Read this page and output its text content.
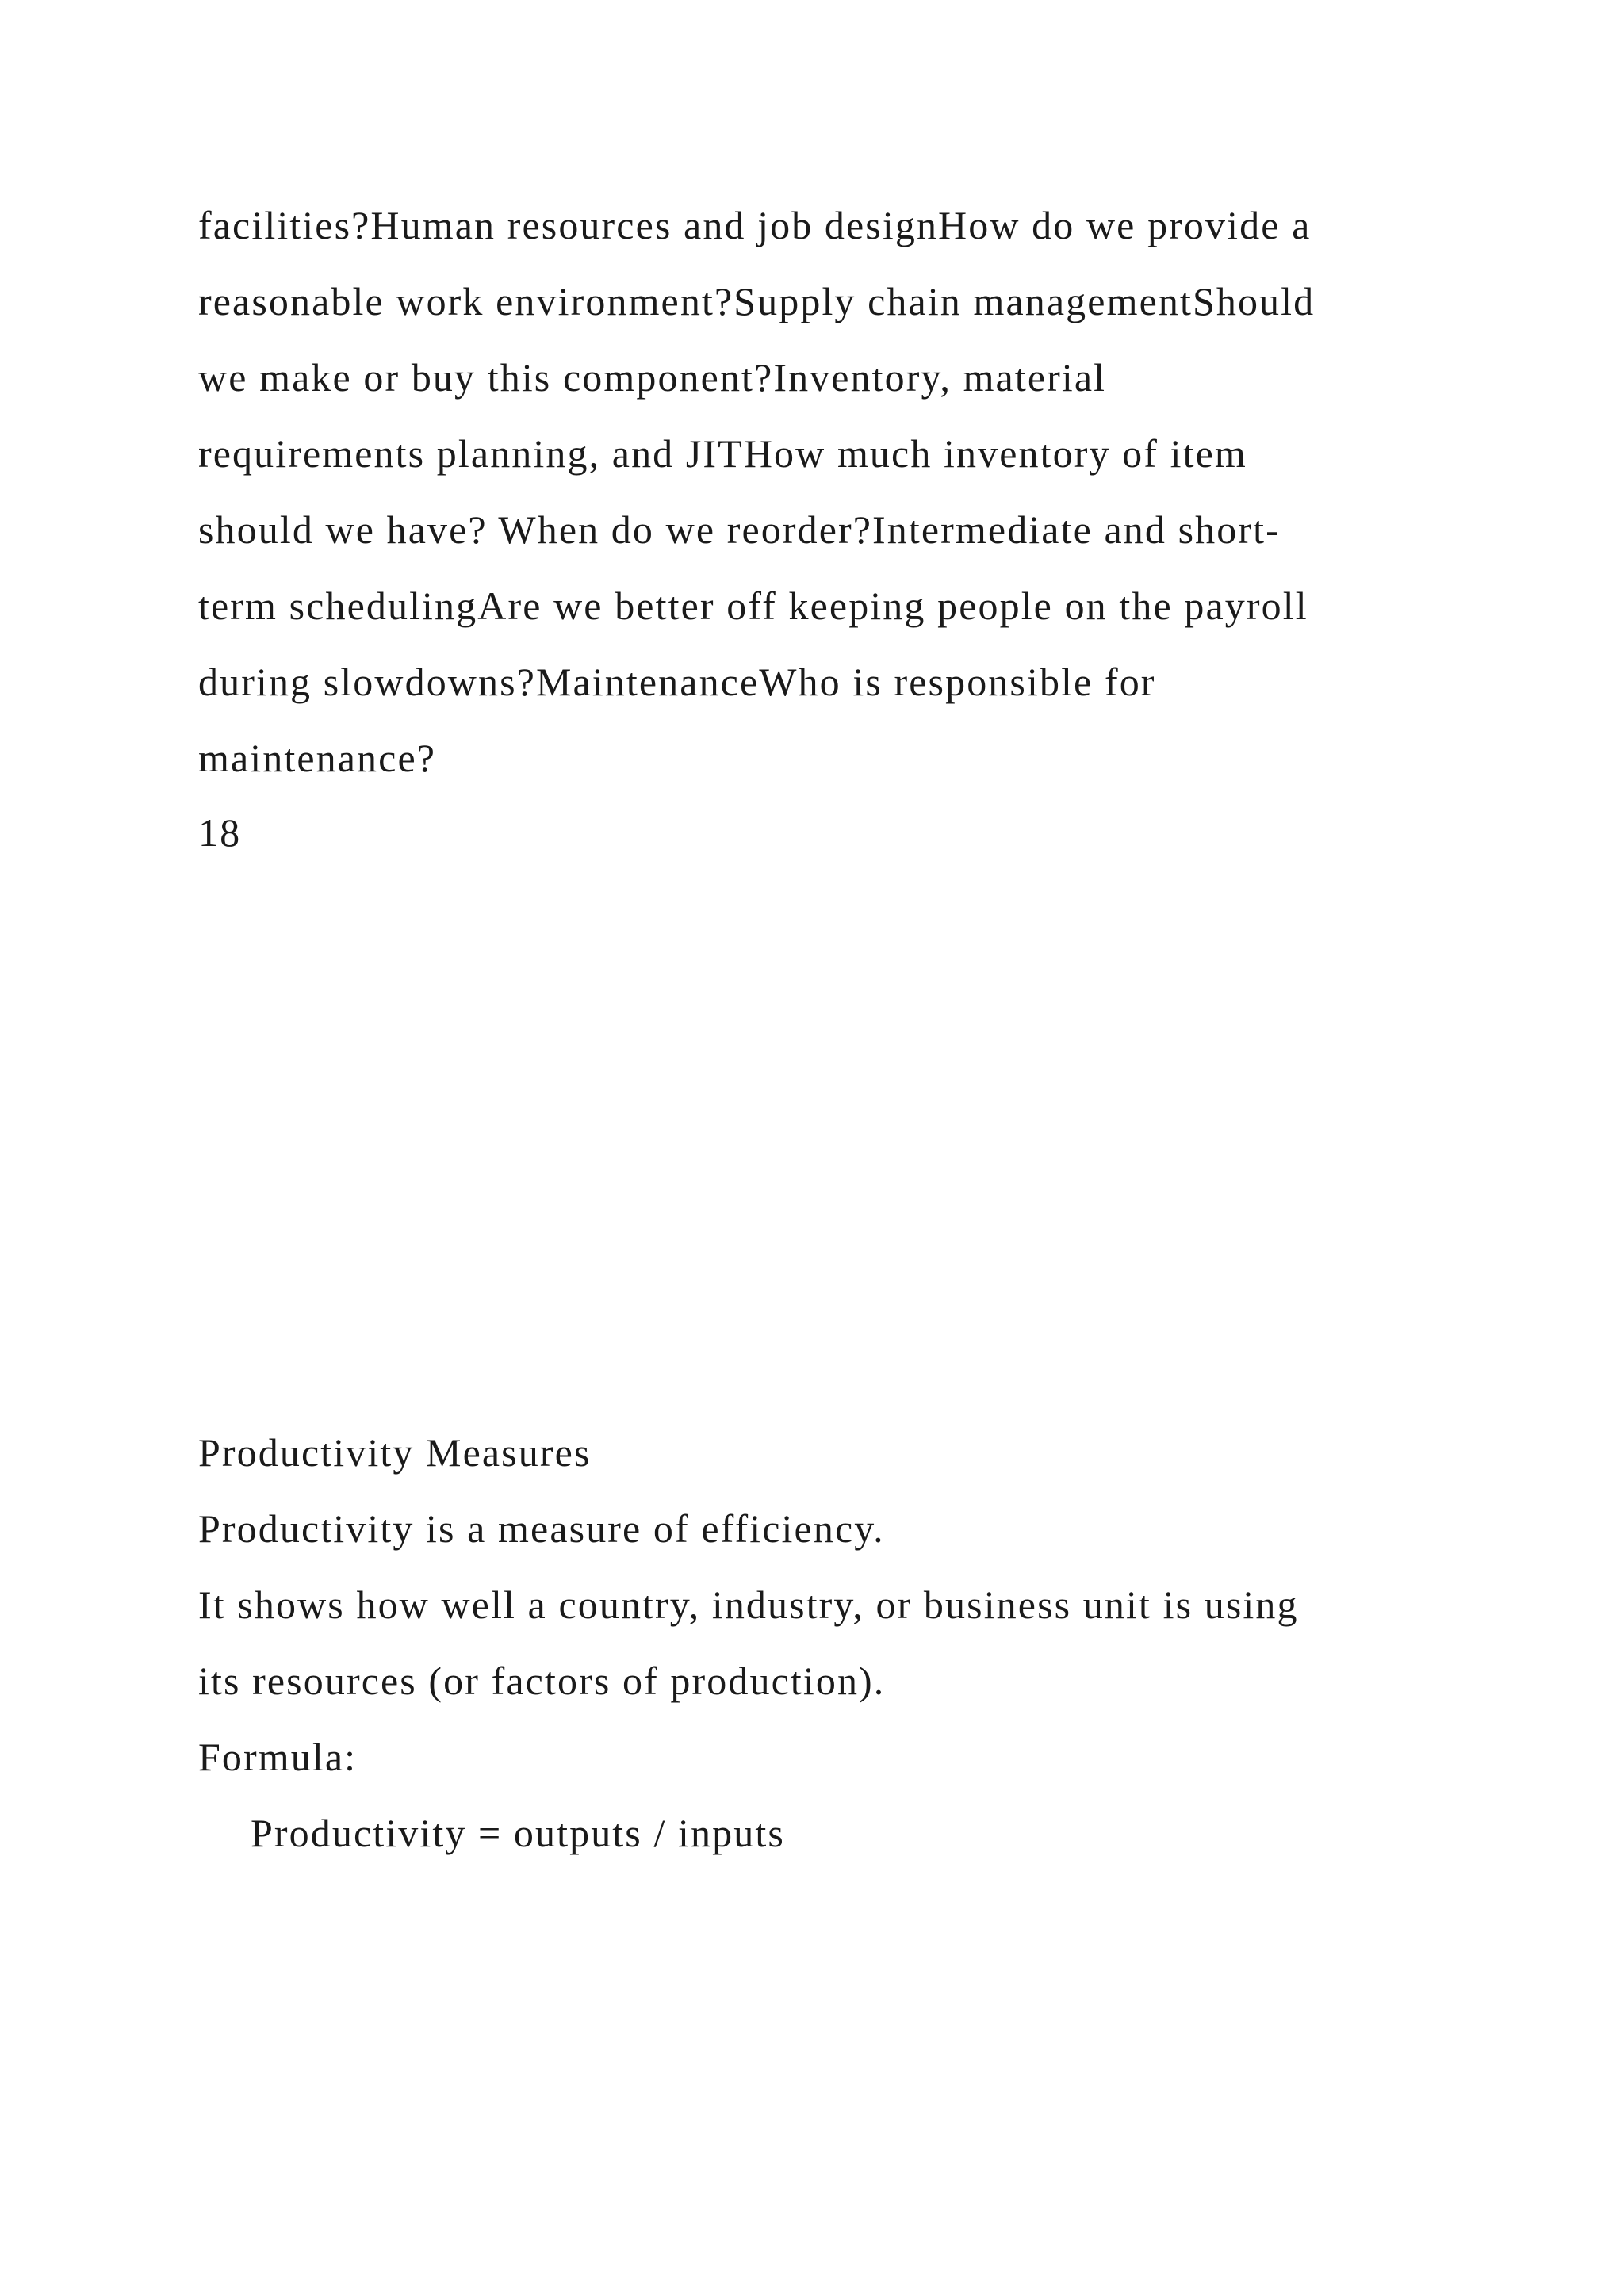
facilities?Human resources and job designHow do we provide a
reasonable work environment?Supply chain managementShould
we make or buy this component?Inventory, material
requirements planning, and JITHow much inventory of item
should we have? When do we reorder?Intermediate and short-
term schedulingAre we better off keeping people on the payroll
during slowdowns?MaintenanceWho is responsible for
maintenance?
18
Productivity Measures
Productivity is a measure of efficiency.
It shows how well a country, industry, or business unit is using
its resources (or factors of production).
Formula:
Productivity = outputs / inputs
